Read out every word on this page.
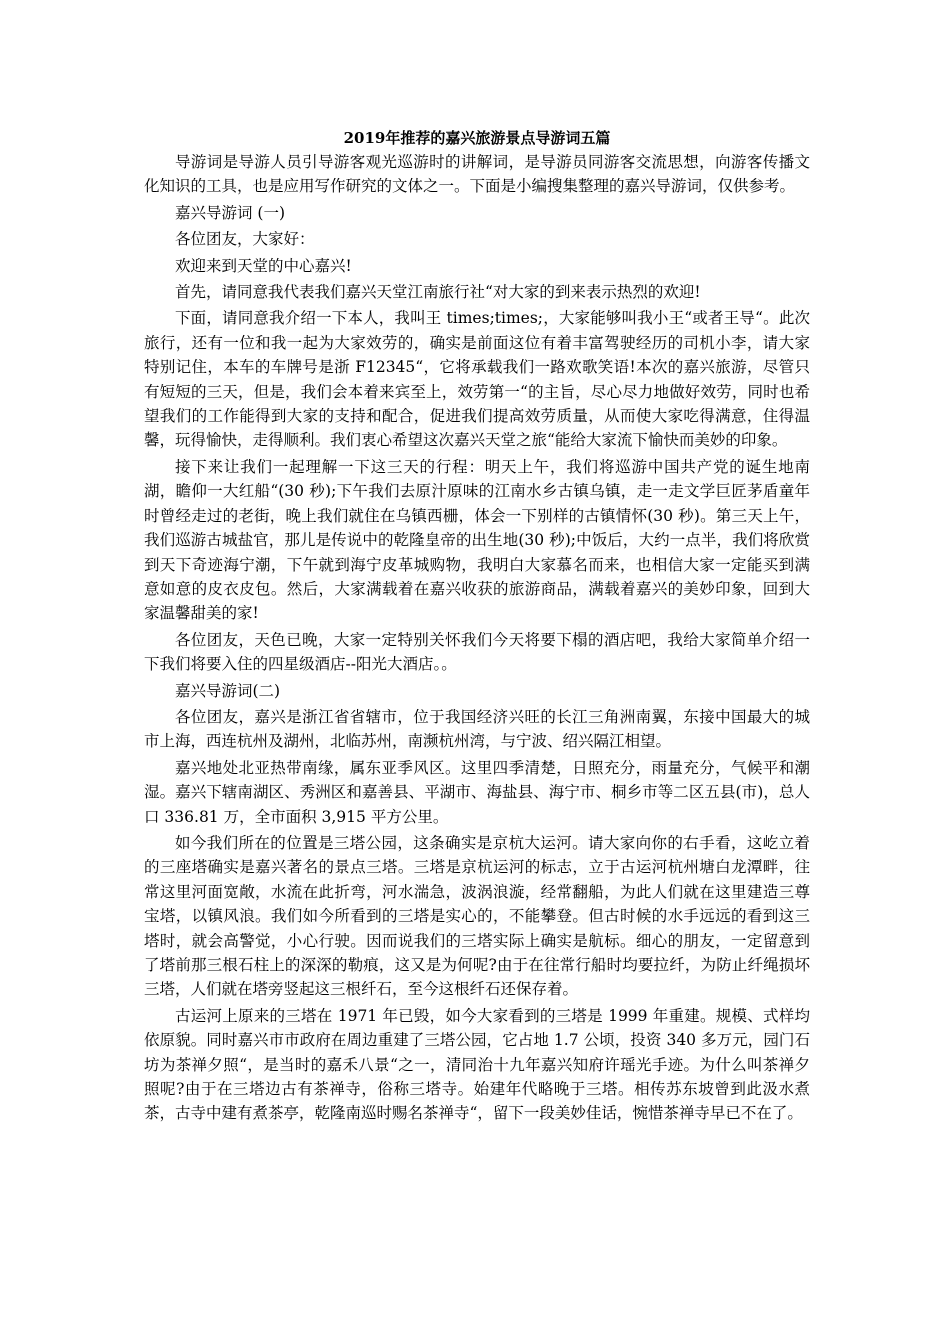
2019年推荐的嘉兴旅游景点导游词五篇

导游词是导游人员引导游客观光巡游时的讲解词，是导游员同游客交流思想，向游客传播文化知识的工具，也是应用写作研究的文体之一。下面是小编搜集整理的嘉兴导游词，仅供参考。

嘉兴导游词 (一)

各位团友，大家好：

欢迎来到天堂的中心嘉兴!

首先，请同意我代表我们嘉兴天堂江南旅行社“对大家的到来表示热烈的欢迎!

下面，请同意我介绍一下本人，我叫王 times;times;，大家能够叫我小王“或者王导“。此次旅行，还有一位和我一起为大家效劳的，确实是前面这位有着丰富驾驶经历的司机小李，请大家特别记住，本车的车牌号是浙 F12345“，它将承载我们一路欢歌笑语!本次的嘉兴旅游，尽管只有短短的三天，但是，我们会本着来宾至上，效劳第一“的主旨，尽心尽力地做好效劳，同时也希望我们的工作能得到大家的支持和配合，促进我们提高效劳质量，从而使大家吃得满意，住得温馨，玩得愉快，走得顺利。我们衷心希望这次嘉兴天堂之旅“能给大家流下愉快而美妙的印象。

接下来让我们一起理解一下这三天的行程：明天上午，我们将巡游中国共产党的诞生地南湖，瞻仰一大红船“(30 秒);下午我们去原汁原味的江南水乡古镇乌镇，走一走文学巨匠茅盾童年时曾经走过的老街，晚上我们就住在乌镇西栅，体会一下别样的古镇情怀(30 秒)。第三天上午，我们巡游古城盐官，那儿是传说中的乾隆皇帝的出生地(30 秒);中饭后，大约一点半，我们将欣赏到天下奇迹海宁潮，下午就到海宁皮革城购物，我明白大家慕名而来，也相信大家一定能买到满意如意的皮衣皮包。然后，大家满载着在嘉兴收获的旅游商品，满载着嘉兴的美妙印象，回到大家温馨甜美的家!

各位团友，天色已晚，大家一定特别关怀我们今天将要下榻的酒店吧，我给大家简单介绍一下我们将要入住的四星级酒店--阳光大酒店。。

嘉兴导游词(二)

各位团友，嘉兴是浙江省省辖市，位于我国经济兴旺的长江三角洲南翼，东接中国最大的城市上海，西连杭州及湖州，北临苏州，南濒杭州湾，与宁波、绍兴隔江相望。

嘉兴地处北亚热带南缘，属东亚季风区。这里四季清楚，日照充分，雨量充分，气候平和潮湿。嘉兴下辖南湖区、秀洲区和嘉善县、平湖市、海盐县、海宁市、桐乡市等二区五县(市)，总人口 336.81 万，全市面积 3,915 平方公里。

如今我们所在的位置是三塔公园，这条确实是京杭大运河。请大家向你的右手看，这屹立着的三座塔确实是嘉兴著名的景点三塔。三塔是京杭运河的标志，立于古运河杭州塘白龙潭畔，往常这里河面宽敞，水流在此折弯，河水湍急，波涡浪漩，经常翻船，为此人们就在这里建造三尊宝塔，以镇风浪。我们如今所看到的三塔是实心的，不能攀登。但古时候的水手远远的看到这三塔时，就会高警觉，小心行驶。因而说我们的三塔实际上确实是航标。细心的朋友，一定留意到了塔前那三根石柱上的深深的勒痕，这又是为何呢?由于在往常行船时均要拉纤，为防止纤绳损坏三塔，人们就在塔旁竖起这三根纤石，至今这根纤石还保存着。

古运河上原来的三塔在 1971 年已毁，如今大家看到的三塔是 1999 年重建。规模、式样均依原貌。同时嘉兴市市政府在周边重建了三塔公园，它占地 1.7 公顷，投资 340 多万元，园门石坊为茶禅夕照“，是当时的嘉禾八景“之一，清同治十九年嘉兴知府许瑶光手迹。为什么叫茶禅夕照呢?由于在三塔边古有茶禅寺，俗称三塔寺。始建年代略晚于三塔。相传苏东坡曾到此汲水煮茶，古寺中建有煮茶亭，乾隆南巡时赐名茶禅寺“，留下一段美妙佳话，惋惜茶禅寺早已不在了。
